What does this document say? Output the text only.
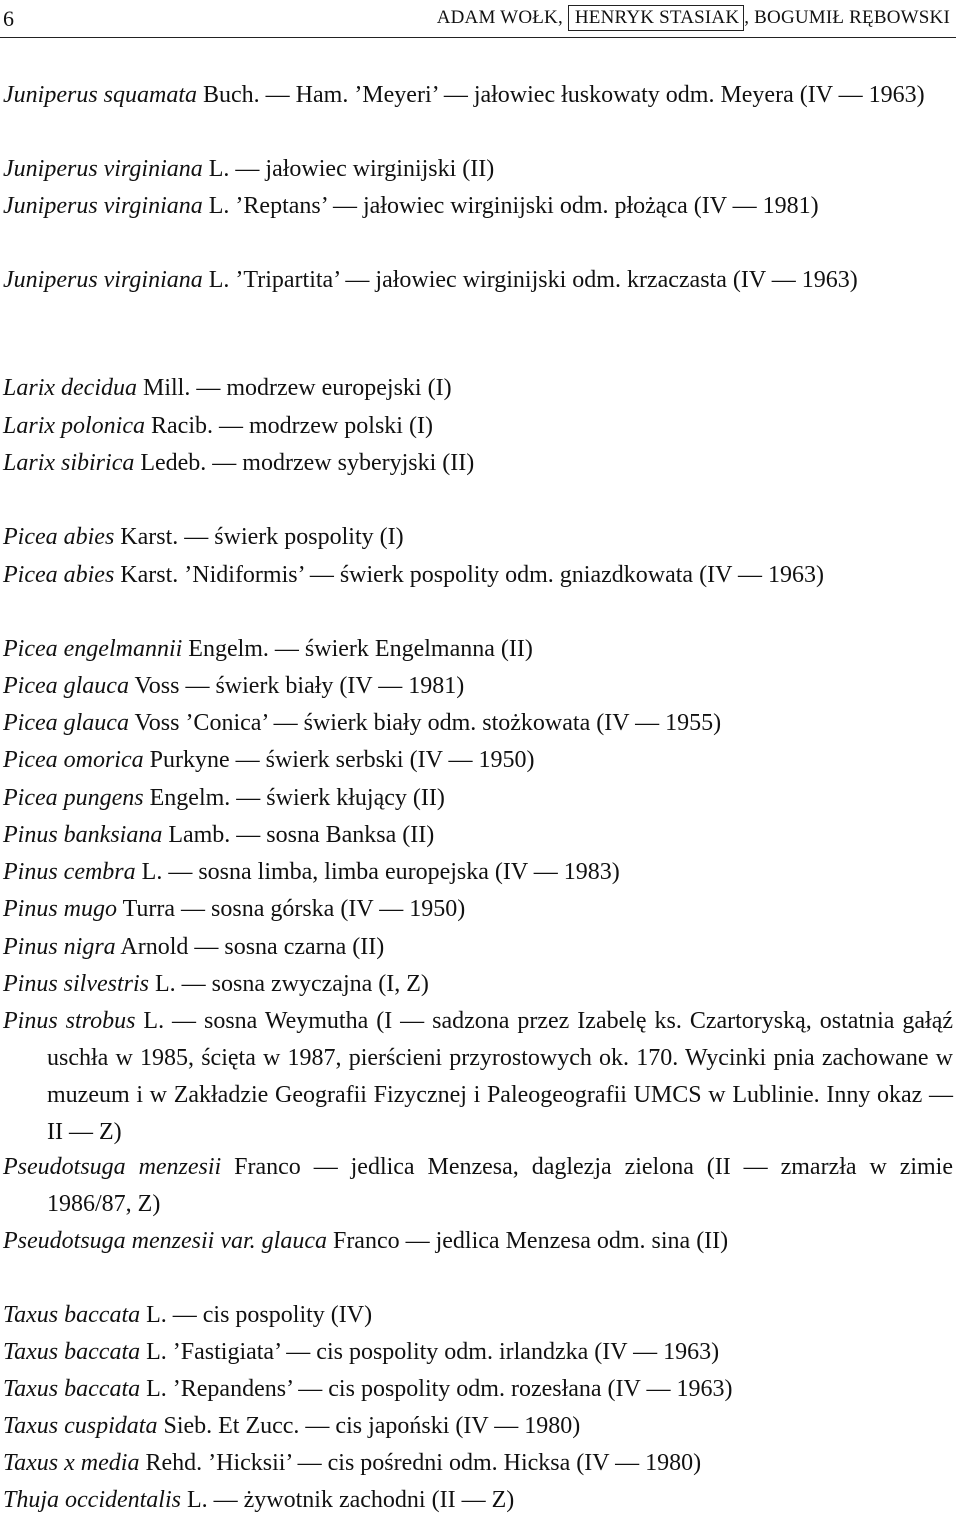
6	ADAM WOŁK, HENRYK STASIAK , BOGUMIŁ RĘBOWSKI
Juniperus squamata Buch. — Ham. ’Meyeri’ — jałowiec łuskowaty odm. Meyera (IV — 1963)
Juniperus virginiana L. — jałowiec wirginijski (II)
Juniperus virginiana L. ’Reptans’ — jałowiec wirginijski odm. płożąca (IV — 1981)
Juniperus virginiana L. ’Tripartita’ — jałowiec wirginijski odm. krzaczasta (IV — 1963)
Larix decidua Mill. — modrzew europejski (I)
Larix polonica Racib. — modrzew polski (I)
Larix sibirica Ledeb. — modrzew syberyjski (II)
Picea abies Karst. — świerk pospolity (I)
Picea abies Karst. ’Nidiformis’ — świerk pospolity odm. gniazdkowata (IV — 1963)
Picea engelmannii Engelm. — świerk Engelmanna (II)
Picea glauca Voss — świerk biały (IV — 1981)
Picea glauca Voss ’Conica’ — świerk biały odm. stożkowata (IV — 1955)
Picea omorica Purkyne — świerk serbski (IV — 1950)
Picea pungens Engelm. — świerk kłujący (II)
Pinus banksiana Lamb. — sosna Banksa (II)
Pinus cembra L. — sosna limba, limba europejska (IV — 1983)
Pinus mugo Turra — sosna górska (IV — 1950)
Pinus nigra Arnold — sosna czarna (II)
Pinus silvestris L. — sosna zwyczajna (I, Z)
Pinus strobus L. — sosna Weymutha (I — sadzona przez Izabelę ks. Czartoryską, ostatnia gałąź uschła w 1985, ścięta w 1987, pierścieni przyrostowych ok. 170. Wycinki pnia zachowane w muzeum i w Zakładzie Geografii Fizycznej i Paleogeografii UMCS w Lublinie. Inny okaz — II — Z)
Pseudotsuga menzesii Franco — jedlica Menzesa, daglezja zielona (II — zmarzła w zimie 1986/87, Z)
Pseudotsuga menzesii var. glauca Franco — jedlica Menzesa odm. sina (II)
Taxus baccata L. — cis pospolity (IV)
Taxus baccata L. ’Fastigiata’ — cis pospolity odm. irlandzka (IV — 1963)
Taxus baccata L. ’Repandens’ — cis pospolity odm. rozesłana (IV — 1963)
Taxus cuspidata Sieb. Et Zucc. — cis japoński (IV — 1980)
Taxus x media Rehd. ’Hicksii’ — cis pośredni odm. Hicksa (IV — 1980)
Thuja occidentalis L. — żywotnik zachodni (II — Z)
